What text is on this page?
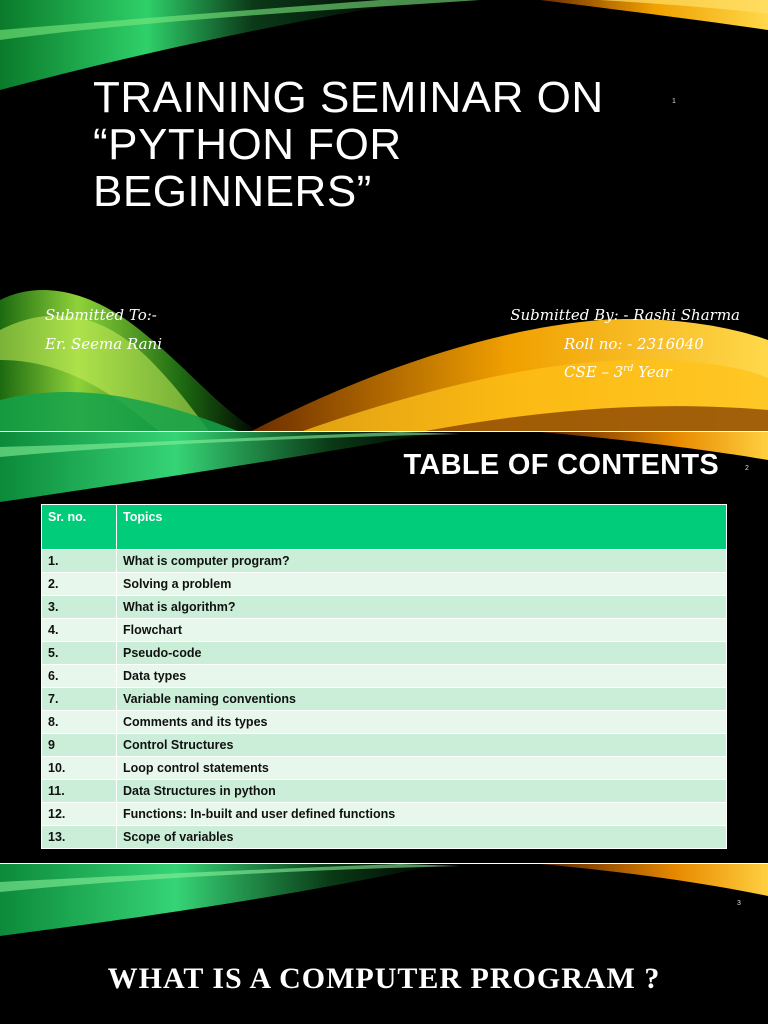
1
TRAINING SEMINAR ON
“PYTHON FOR
BEGINNERS”
Submitted To:-
Er. Seema Rani
Submitted By: - Rashi Sharma
Roll no: - 2316040
CSE – 3rd Year
2
TABLE OF CONTENTS
Sr. no.	Topics
1.	What is computer program?
2.	Solving a problem
3.	What is algorithm?
4.	Flowchart
5.	Pseudo-code
6.	Data types
7.	Variable naming conventions
8.	Comments and its types
9	Control Structures
10.	Loop control statements
11.	Data Structures in python
12.	Functions: In-built and user defined functions
13.	Scope of variables
3
WHAT IS A COMPUTER PROGRAM ?
